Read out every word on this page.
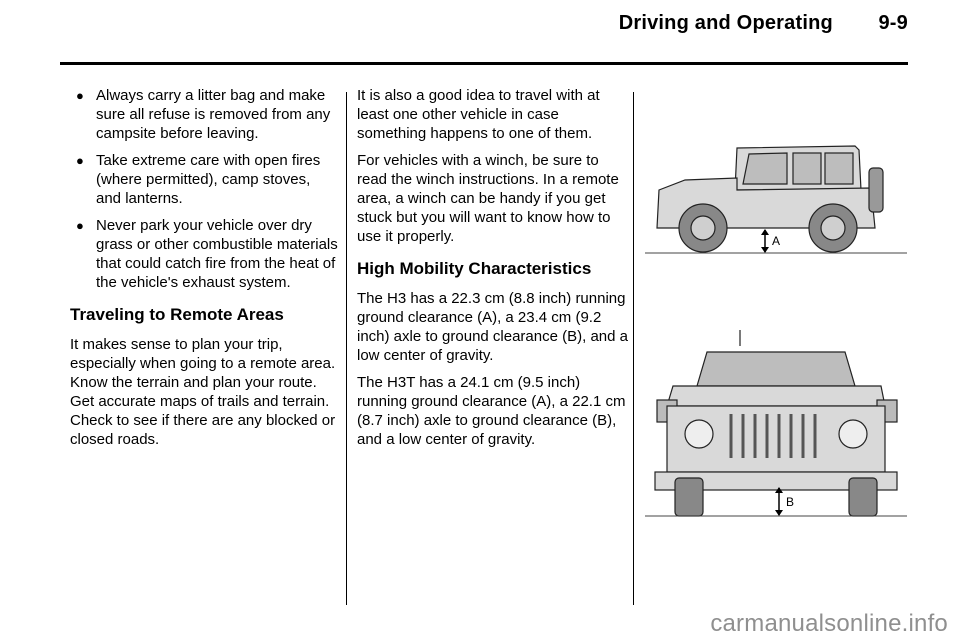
Driving and Operating 9-9
● Always carry a litter bag and make sure all refuse is removed from any campsite before leaving.
● Take extreme care with open fires (where permitted), camp stoves, and lanterns.
● Never park your vehicle over dry grass or other combustible materials that could catch fire from the heat of the vehicle's exhaust system.
Traveling to Remote Areas

It makes sense to plan your trip, especially when going to a remote area. Know the terrain and plan your route. Get accurate maps of trails and terrain. Check to see if there are any blocked or closed roads.

It is also a good idea to travel with at least one other vehicle in case something happens to one of them.

For vehicles with a winch, be sure to read the winch instructions. In a remote area, a winch can be handy if you get stuck but you will want to know how to use it properly.

High Mobility Characteristics

The H3 has a 22.3 cm (8.8 inch) running ground clearance (A), a 23.4 cm (9.2 inch) axle to ground clearance (B), and a low center of gravity.

The H3T has a 24.1 cm (9.5 inch) running ground clearance (A), a 22.1 cm (8.7 inch) axle to ground clearance (B), and a low center of gravity.

A
B
carmanualsonline.info
